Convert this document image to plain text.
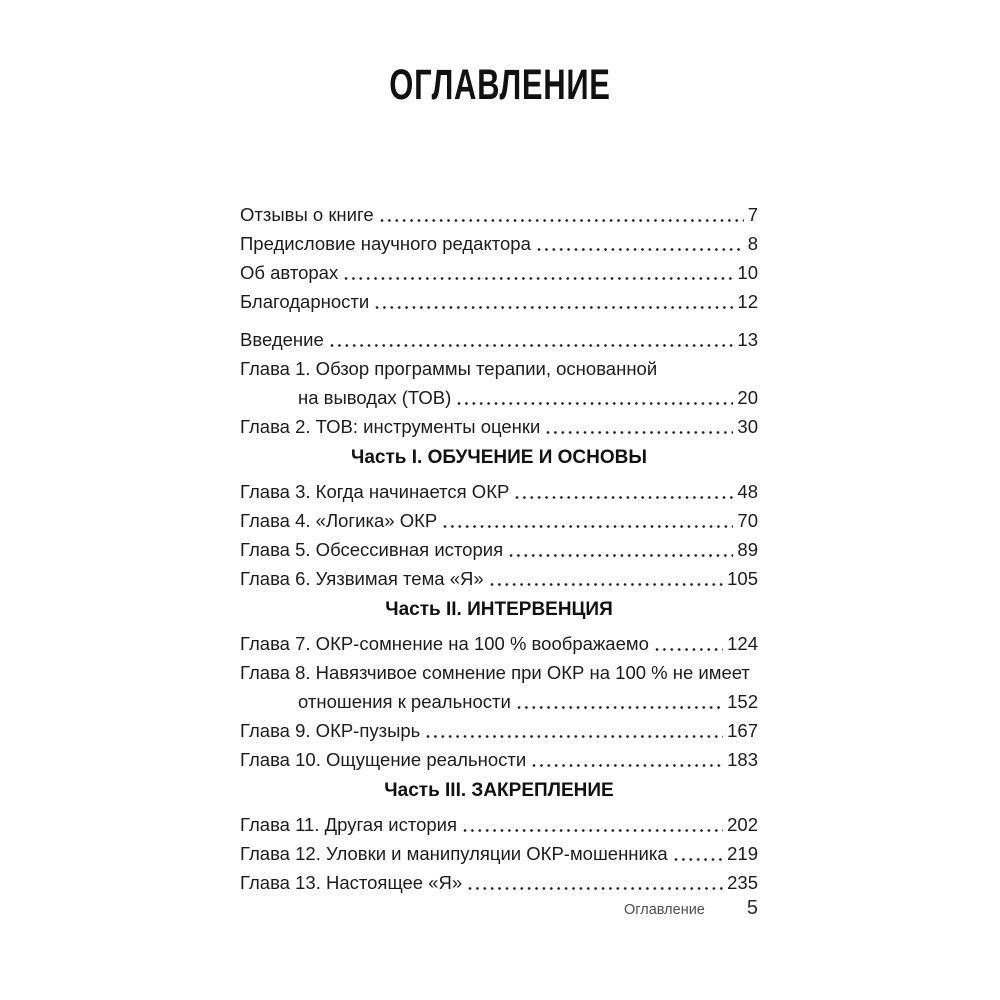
ОГЛАВЛЕНИЕ
Отзывы о книге	7
Предисловие научного редактора	8
Об авторах	10
Благодарности	12
Введение	13
Глава 1. Обзор программы терапии, основанной
на выводах (ТОВ)	20
Глава 2. ТОВ: инструменты оценки	30
Часть I. ОБУЧЕНИЕ И ОСНОВЫ
Глава 3. Когда начинается ОКР	48
Глава 4. «Логика» ОКР	70
Глава 5. Обсессивная история	89
Глава 6. Уязвимая тема «Я»	105
Часть II. ИНТЕРВЕНЦИЯ
Глава 7. ОКР-сомнение на 100 % воображаемо	124
Глава 8. Навязчивое сомнение при ОКР на 100 % не имеет
отношения к реальности	152
Глава 9. ОКР-пузырь	167
Глава 10. Ощущение реальности	183
Часть III. ЗАКРЕПЛЕНИЕ
Глава 11. Другая история	202
Глава 12. Уловки и манипуляции ОКР-мошенника	219
Глава 13. Настоящее «Я»	235
Оглавление 5
